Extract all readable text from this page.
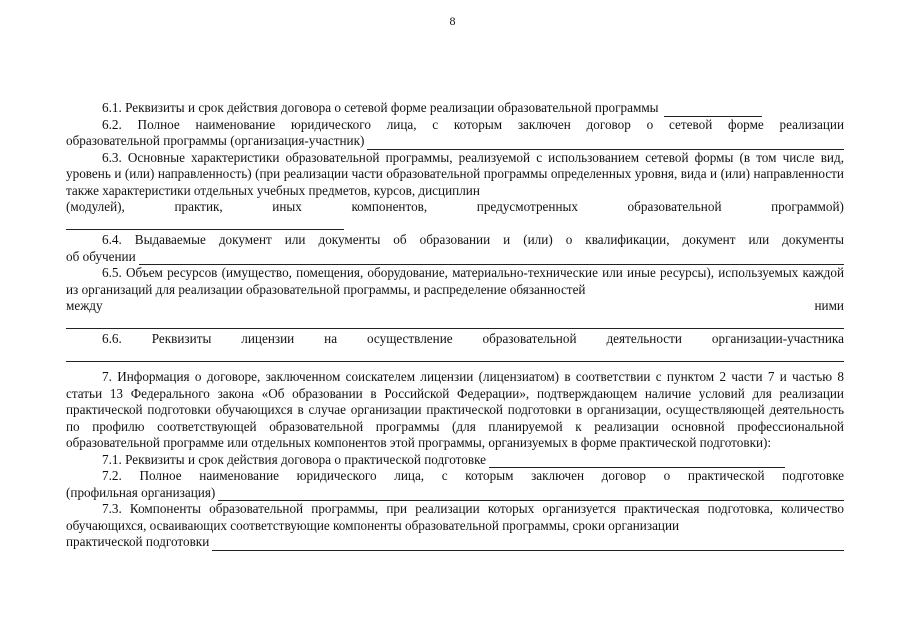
8
6.1. Реквизиты и срок действия договора о сетевой форме реализации образовательной программы
6.2. Полное наименование юридического лица, с которым заключен договор о сетевой форме реализации
образовательной программы (организация-участник)
6.3. Основные характеристики образовательной программы, реализуемой с использованием сетевой формы (в том числе вид, уровень и (или) направленность) (при реализации части образовательной программы определенных уровня, вида и (или) направленности также характеристики отдельных учебных предметов, курсов, дисциплин
(модулей),	практик,	иных	компонентов,	предусмотренных	образовательной	программой)
6.4. Выдаваемые документ или документы об образовании и (или) о квалификации, документ или документы
об обучении
6.5. Объем ресурсов (имущество, помещения, оборудование, материально-технические или иные ресурсы), используемых каждой из организаций для реализации образовательной программы, и распределение обязанностей
между	ними
6.6. Реквизиты лицензии на осуществление образовательной деятельности организации-участника
7. Информация о договоре, заключенном соискателем лицензии (лицензиатом) в соответствии с пунктом 2 части 7 и частью 8 статьи 13 Федерального закона «Об образовании в Российской Федерации», подтверждающем наличие условий для реализации практической подготовки обучающихся в случае организации практической подготовки в организации, осуществляющей деятельность по профилю соответствующей образовательной программы (для планируемой к реализации основной профессиональной образовательной программе или отдельных компонентов этой программы, организуемых в форме практической подготовки):
7.1. Реквизиты и срок действия договора о практической подготовке
7.2. Полное наименование юридического лица, с которым заключен договор о практической подготовке
(профильная организация)
7.3. Компоненты образовательной программы, при реализации которых организуется практическая подготовка, количество обучающихся, осваивающих соответствующие компоненты образовательной программы, сроки организации
практической подготовки
